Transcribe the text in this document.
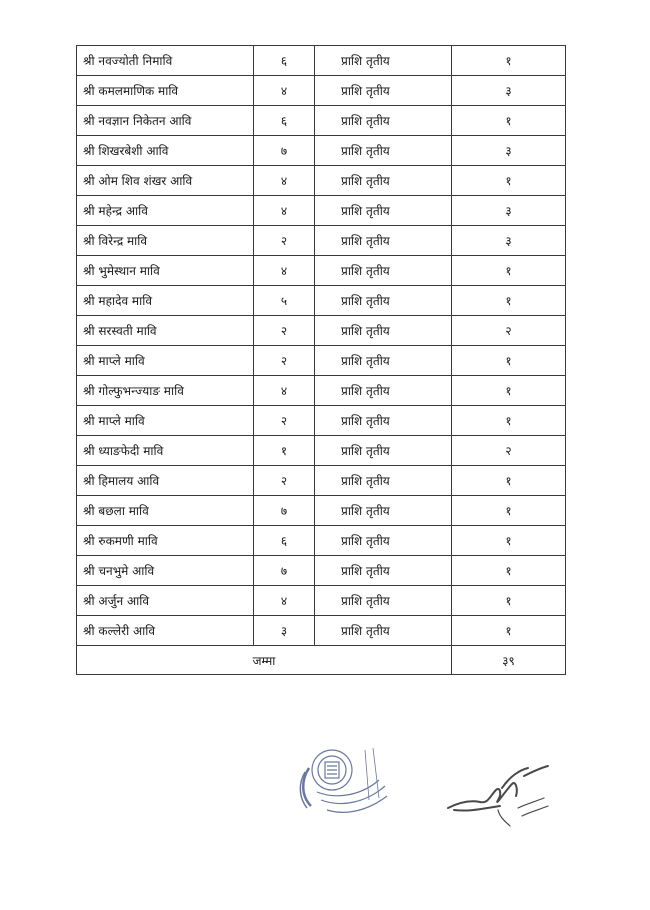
श्री नवज्योती निमावि	६	प्राशि तृतीय	१
श्री कमलमाणिक मावि	४	प्राशि तृतीय	३
श्री नवज्ञान निकेतन आवि	६	प्राशि तृतीय	१
श्री शिखरबेशी आवि	७	प्राशि तृतीय	३
श्री ओम शिव शंखर आवि	४	प्राशि तृतीय	१
श्री महेन्द्र आवि	४	प्राशि तृतीय	३
श्री विरेन्द्र मावि	२	प्राशि तृतीय	३
श्री भुमेस्थान मावि	४	प्राशि तृतीय	१
श्री महादेव मावि	५	प्राशि तृतीय	१
श्री सरस्वती मावि	२	प्राशि तृतीय	२
श्री माप्ले मावि	२	प्राशि तृतीय	१
श्री गोल्फुभन्ज्याङ मावि	४	प्राशि तृतीय	१
श्री माप्ले मावि	२	प्राशि तृतीय	१
श्री ध्याङफेदी मावि	१	प्राशि तृतीय	२
श्री हिमालय आवि	२	प्राशि तृतीय	१
श्री बछला मावि	७	प्राशि तृतीय	१
श्री रुकमणी मावि	६	प्राशि तृतीय	१
श्री चनभुमे आवि	७	प्राशि तृतीय	१
श्री अर्जुन आवि	४	प्राशि तृतीय	१
श्री कल्लेरी आवि	३	प्राशि तृतीय	१
जम्मा			३९
